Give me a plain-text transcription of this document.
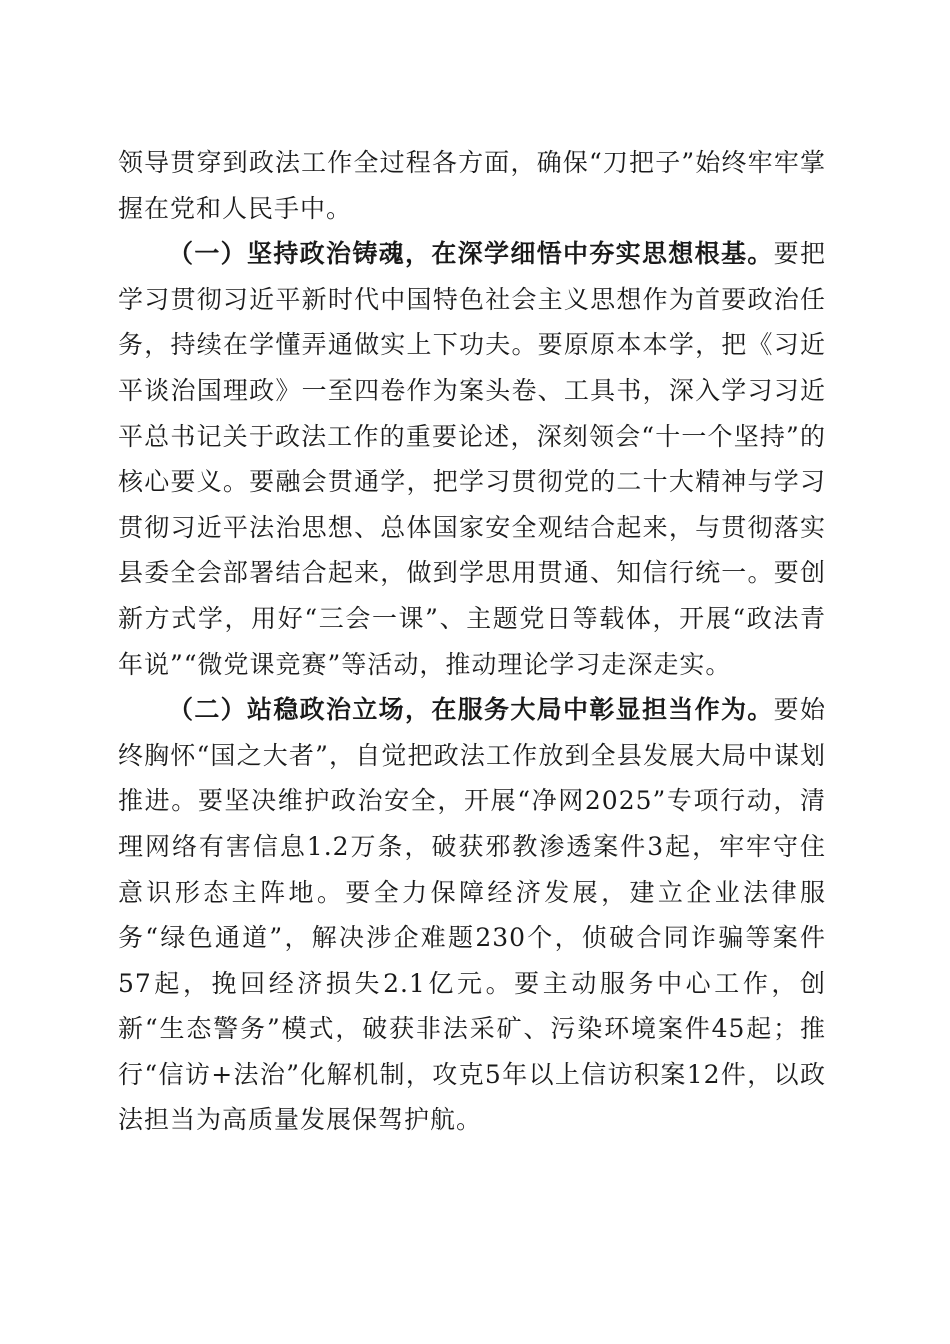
领导贯穿到政法工作全过程各方面，确保“刀把子”始终牢牢掌握在党和人民手中。

（一）坚持政治铸魂，在深学细悟中夯实思想根基。要把学习贯彻习近平新时代中国特色社会主义思想作为首要政治任务，持续在学懂弄通做实上下功夫。要原原本本学，把《习近平谈治国理政》一至四卷作为案头卷、工具书，深入学习习近平总书记关于政法工作的重要论述，深刻领会“十一个坚持”的核心要义。要融会贯通学，把学习贯彻党的二十大精神与学习贯彻习近平法治思想、总体国家安全观结合起来，与贯彻落实县委全会部署结合起来，做到学思用贯通、知信行统一。要创新方式学，用好“三会一课”、主题党日等载体，开展“政法青年说”“微党课竞赛”等活动，推动理论学习走深走实。

（二）站稳政治立场，在服务大局中彰显担当作为。要始终胸怀“国之大者”，自觉把政法工作放到全县发展大局中谋划推进。要坚决维护政治安全，开展“净网2025”专项行动，清理网络有害信息1.2万条，破获邪教渗透案件3起，牢牢守住意识形态主阵地。要全力保障经济发展，建立企业法律服务“绿色通道”，解决涉企难题230个，侦破合同诈骗等案件57起，挽回经济损失2.1亿元。要主动服务中心工作，创新“生态警务”模式，破获非法采矿、污染环境案件45起；推行“信访+法治”化解机制，攻克5年以上信访积案12件，以政法担当为高质量发展保驾护航。
